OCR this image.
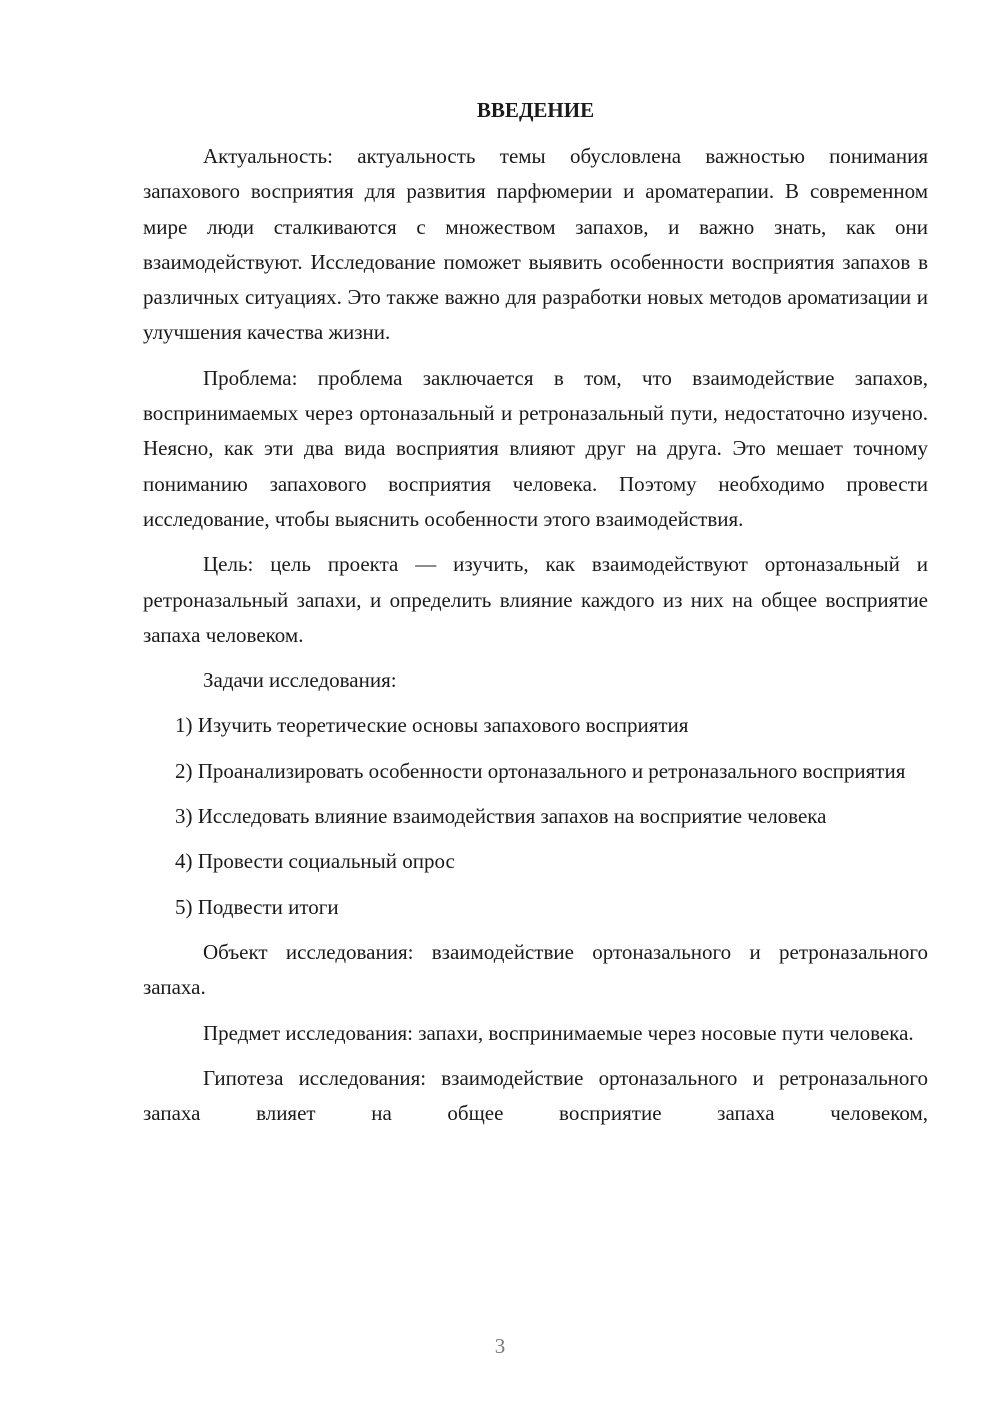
ВВЕДЕНИЕ

Актуальность: актуальность темы обусловлена важностью понимания запахового восприятия для развития парфюмерии и ароматерапии. В современном мире люди сталкиваются с множеством запахов, и важно знать, как они взаимодействуют. Исследование поможет выявить особенности восприятия запахов в различных ситуациях. Это также важно для разработки новых методов ароматизации и улучшения качества жизни.

Проблема: проблема заключается в том, что взаимодействие запахов, воспринимаемых через ортоназальный и ретроназальный пути, недостаточно изучено. Неясно, как эти два вида восприятия влияют друг на друга. Это мешает точному пониманию запахового восприятия человека. Поэтому необходимо провести исследование, чтобы выяснить особенности этого взаимодействия.

Цель: цель проекта — изучить, как взаимодействуют ортоназальный и ретроназальный запахи, и определить влияние каждого из них на общее восприятие запаха человеком.

Задачи исследования:

1) Изучить теоретические основы запахового восприятия

2) Проанализировать особенности ортоназального и ретроназального восприятия

3) Исследовать влияние взаимодействия запахов на восприятие человека

4) Провести социальный опрос

5) Подвести итоги

Объект исследования: взаимодействие ортоназального и ретроназального запаха.

Предмет исследования: запахи, воспринимаемые через носовые пути человека.

Гипотеза исследования: взаимодействие ортоназального и ретроназального запаха влияет на общее восприятие запаха человеком,

3
